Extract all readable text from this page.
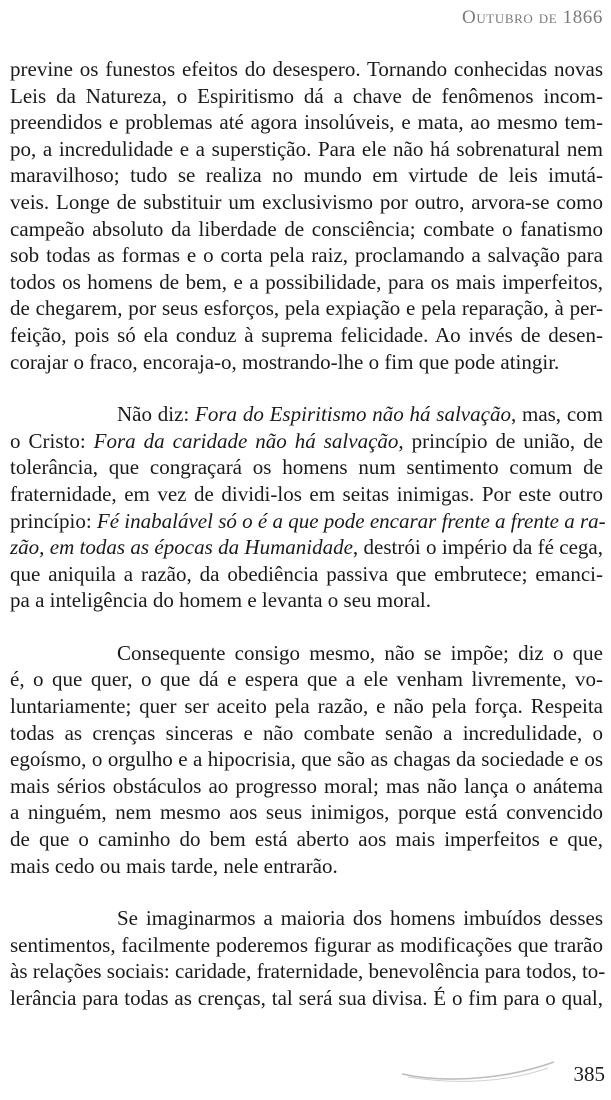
Outubro de 1866
previne os funestos efeitos do desespero. Tornando conhecidas novas
Leis da Natureza, o Espiritismo dá a chave de fenômenos incom-
preendidos e problemas até agora insolúveis, e mata, ao mesmo tem-
po, a incredulidade e a superstição. Para ele não há sobrenatural nem
maravilhoso; tudo se realiza no mundo em virtude de leis imutá-
veis. Longe de substituir um exclusivismo por outro, arvora-se como
campeão absoluto da liberdade de consciência; combate o fanatismo
sob todas as formas e o corta pela raiz, proclamando a salvação para
todos os homens de bem, e a possibilidade, para os mais imperfeitos,
de chegarem, por seus esforços, pela expiação e pela reparação, à per-
feição, pois só ela conduz à suprema felicidade. Ao invés de desen-
corajar o fraco, encoraja-o, mostrando-lhe o fim que pode atingir.
Não diz: Fora do Espiritismo não há salvação, mas, com
o Cristo: Fora da caridade não há salvação, princípio de união, de
tolerância, que congraçará os homens num sentimento comum de
fraternidade, em vez de dividi-los em seitas inimigas. Por este outro
princípio: Fé inabalável só o é a que pode encarar frente a frente a ra-
zão, em todas as épocas da Humanidade, destrói o império da fé cega,
que aniquila a razão, da obediência passiva que embrutece; emanci-
pa a inteligência do homem e levanta o seu moral.
Consequente consigo mesmo, não se impõe; diz o que
é, o que quer, o que dá e espera que a ele venham livremente, vo-
luntariamente; quer ser aceito pela razão, e não pela força. Respeita
todas as crenças sinceras e não combate senão a incredulidade, o
egoísmo, o orgulho e a hipocrisia, que são as chagas da sociedade e os
mais sérios obstáculos ao progresso moral; mas não lança o anátema
a ninguém, nem mesmo aos seus inimigos, porque está convencido
de que o caminho do bem está aberto aos mais imperfeitos e que,
mais cedo ou mais tarde, nele entrarão.
Se imaginarmos a maioria dos homens imbuídos desses
sentimentos, facilmente poderemos figurar as modificações que trarão
às relações sociais: caridade, fraternidade, benevolência para todos, to-
lerância para todas as crenças, tal será sua divisa. É o fim para o qual,
385
